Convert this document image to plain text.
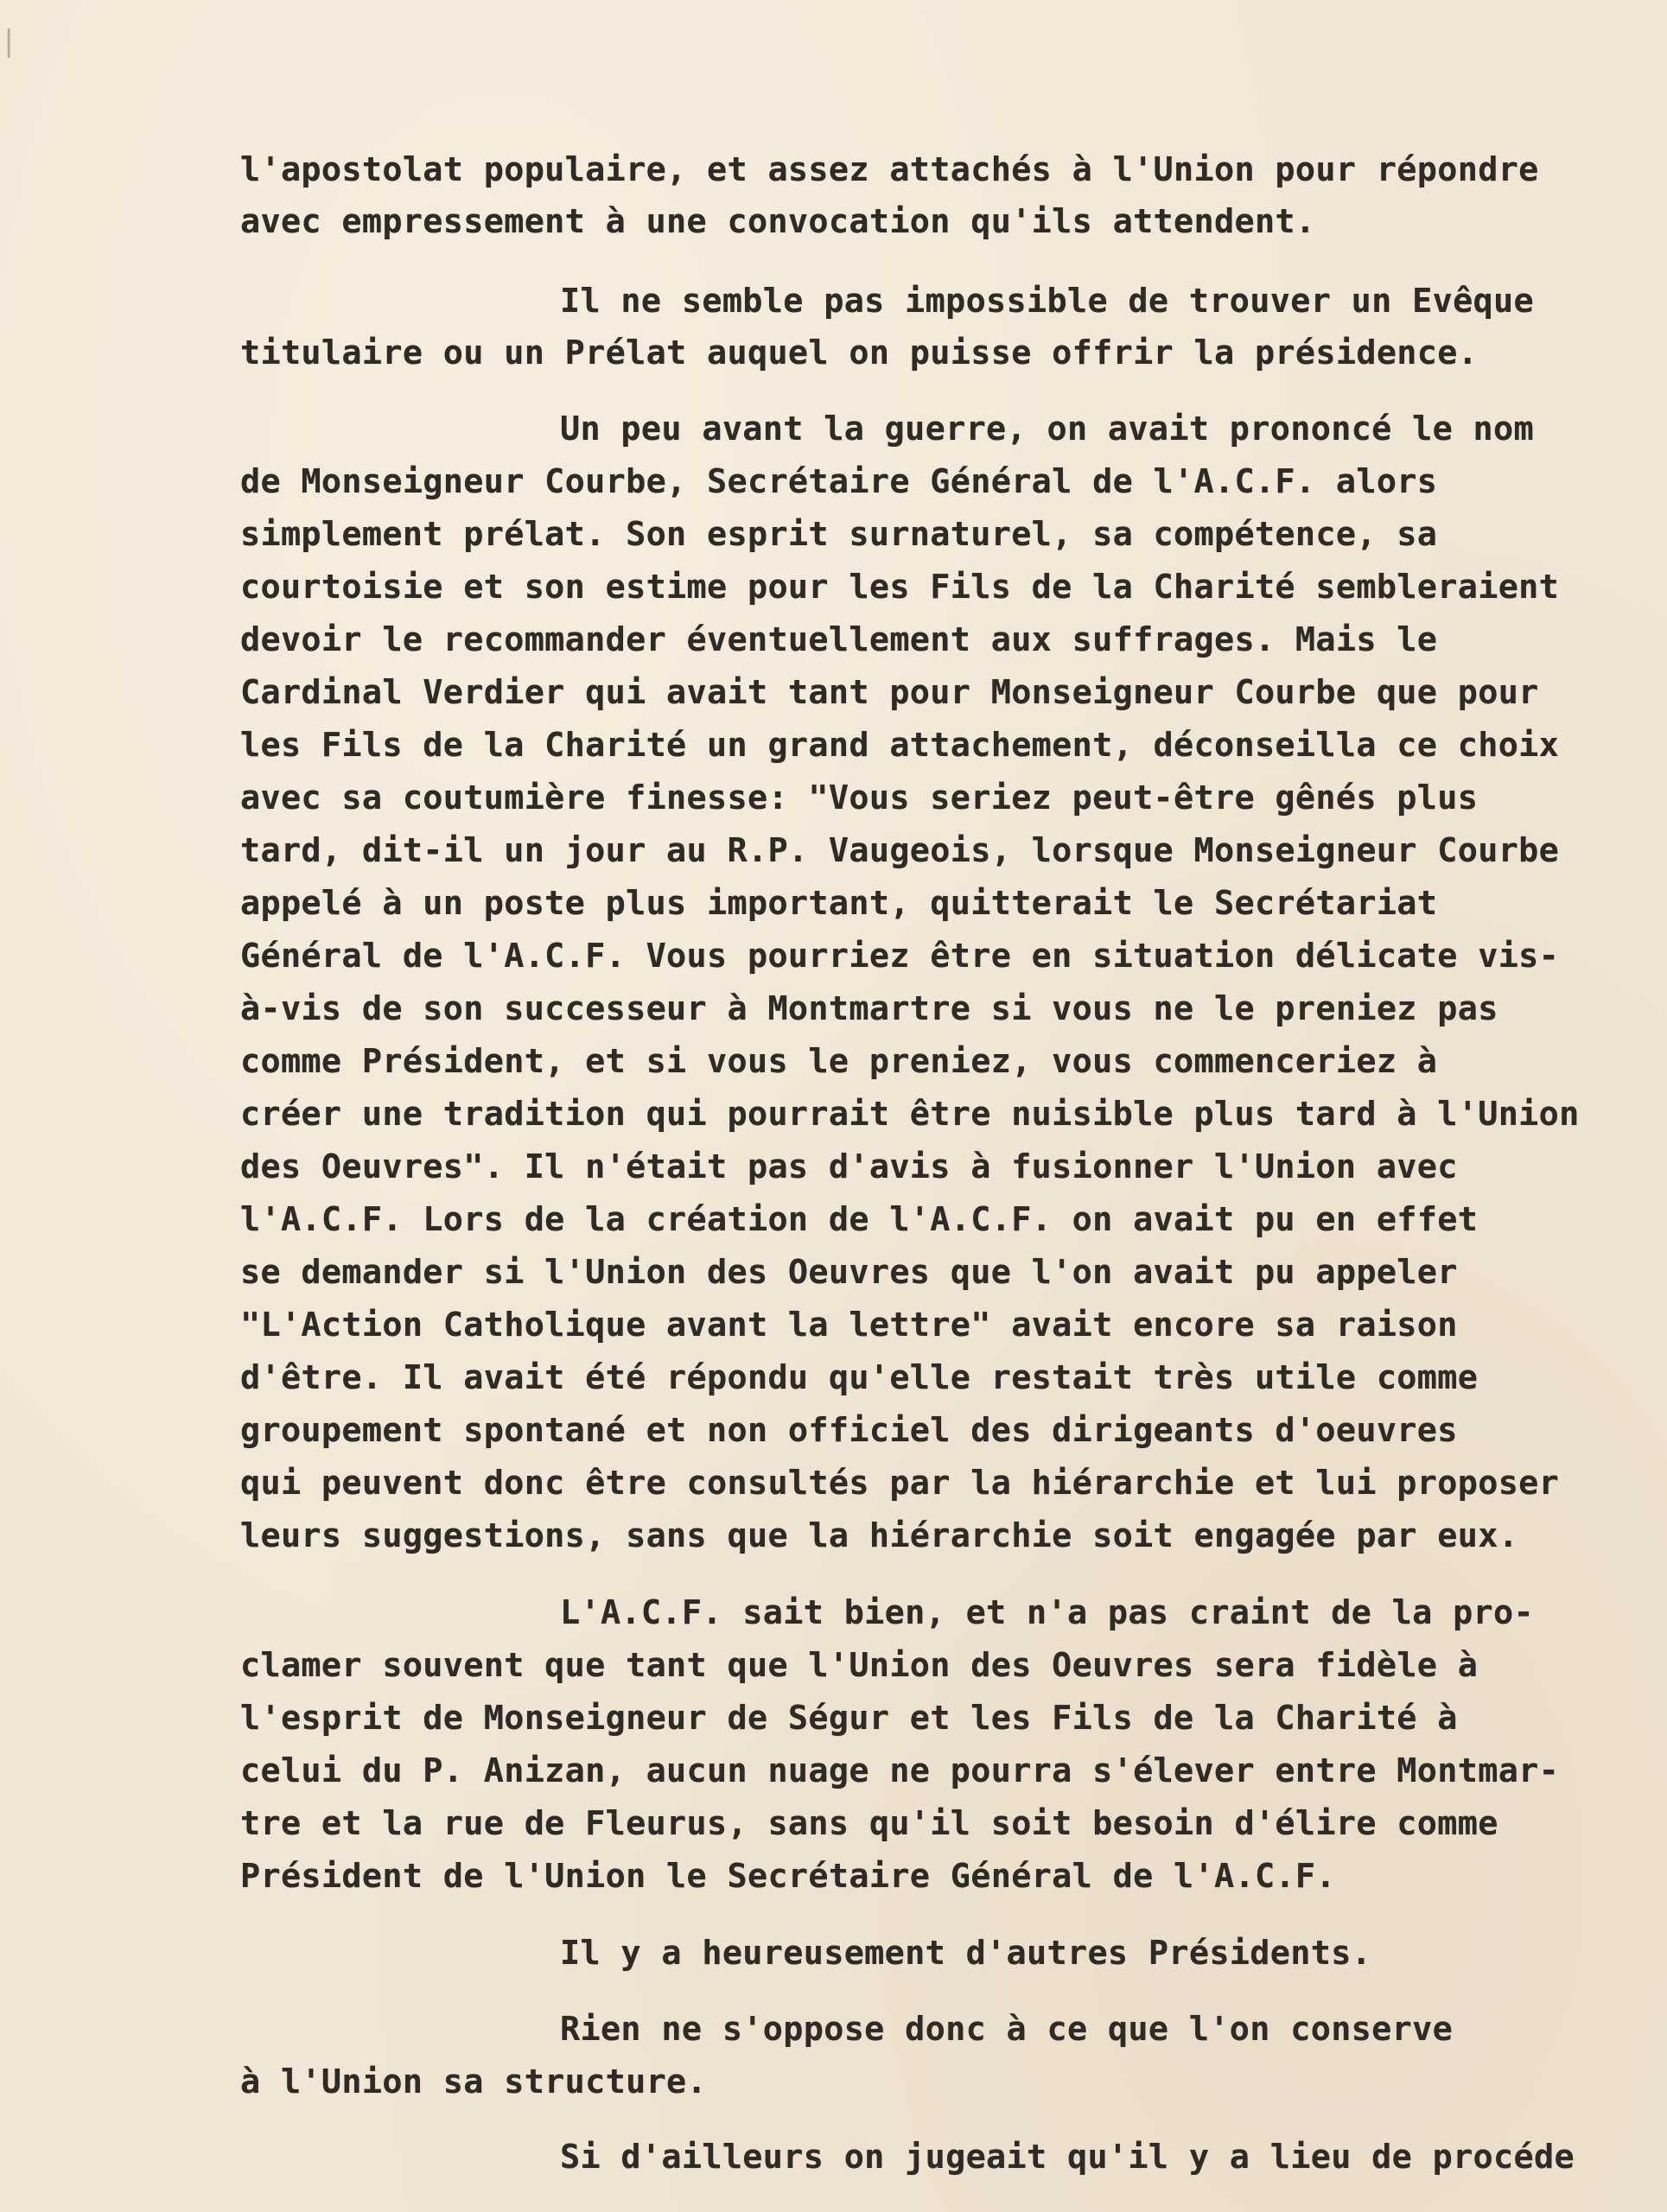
|
l'apostolat populaire, et assez attachés à l'Union pour répondre
avec empressement à une convocation qu'ils attendent.
Il ne semble pas impossible de trouver un Evêque
titulaire ou un Prélat auquel on puisse offrir la présidence.
Un peu avant la guerre, on avait prononcé le nom
de Monseigneur Courbe, Secrétaire Général de l'A.C.F. alors
simplement prélat. Son esprit surnaturel, sa compétence, sa
courtoisie et son estime pour les Fils de la Charité sembleraient
devoir le recommander éventuellement aux suffrages. Mais le
Cardinal Verdier qui avait tant pour Monseigneur Courbe que pour
les Fils de la Charité un grand attachement, déconseilla ce choix
avec sa coutumière finesse: "Vous seriez peut-être gênés plus
tard, dit-il un jour au R.P. Vaugeois, lorsque Monseigneur Courbe
appelé à un poste plus important, quitterait le Secrétariat
Général de l'A.C.F. Vous pourriez être en situation délicate vis-
à-vis de son successeur à Montmartre si vous ne le preniez pas
comme Président, et si vous le preniez, vous commenceriez à
créer une tradition qui pourrait être nuisible plus tard à l'Union
des Oeuvres". Il n'était pas d'avis à fusionner l'Union avec
l'A.C.F. Lors de la création de l'A.C.F. on avait pu en effet
se demander si l'Union des Oeuvres que l'on avait pu appeler
"L'Action Catholique avant la lettre" avait encore sa raison
d'être. Il avait été répondu qu'elle restait très utile comme
groupement spontané et non officiel des dirigeants d'oeuvres
qui peuvent donc être consultés par la hiérarchie et lui proposer
leurs suggestions, sans que la hiérarchie soit engagée par eux.
L'A.C.F. sait bien, et n'a pas craint de la pro-
clamer souvent que tant que l'Union des Oeuvres sera fidèle à
l'esprit de Monseigneur de Ségur et les Fils de la Charité à
celui du P. Anizan, aucun nuage ne pourra s'élever entre Montmar-
tre et la rue de Fleurus, sans qu'il soit besoin d'élire comme
Président de l'Union le Secrétaire Général de l'A.C.F.
Il y a heureusement d'autres Présidents.
Rien ne s'oppose donc à ce que l'on conserve
à l'Union sa structure.
Si d'ailleurs on jugeait qu'il y a lieu de procéde
